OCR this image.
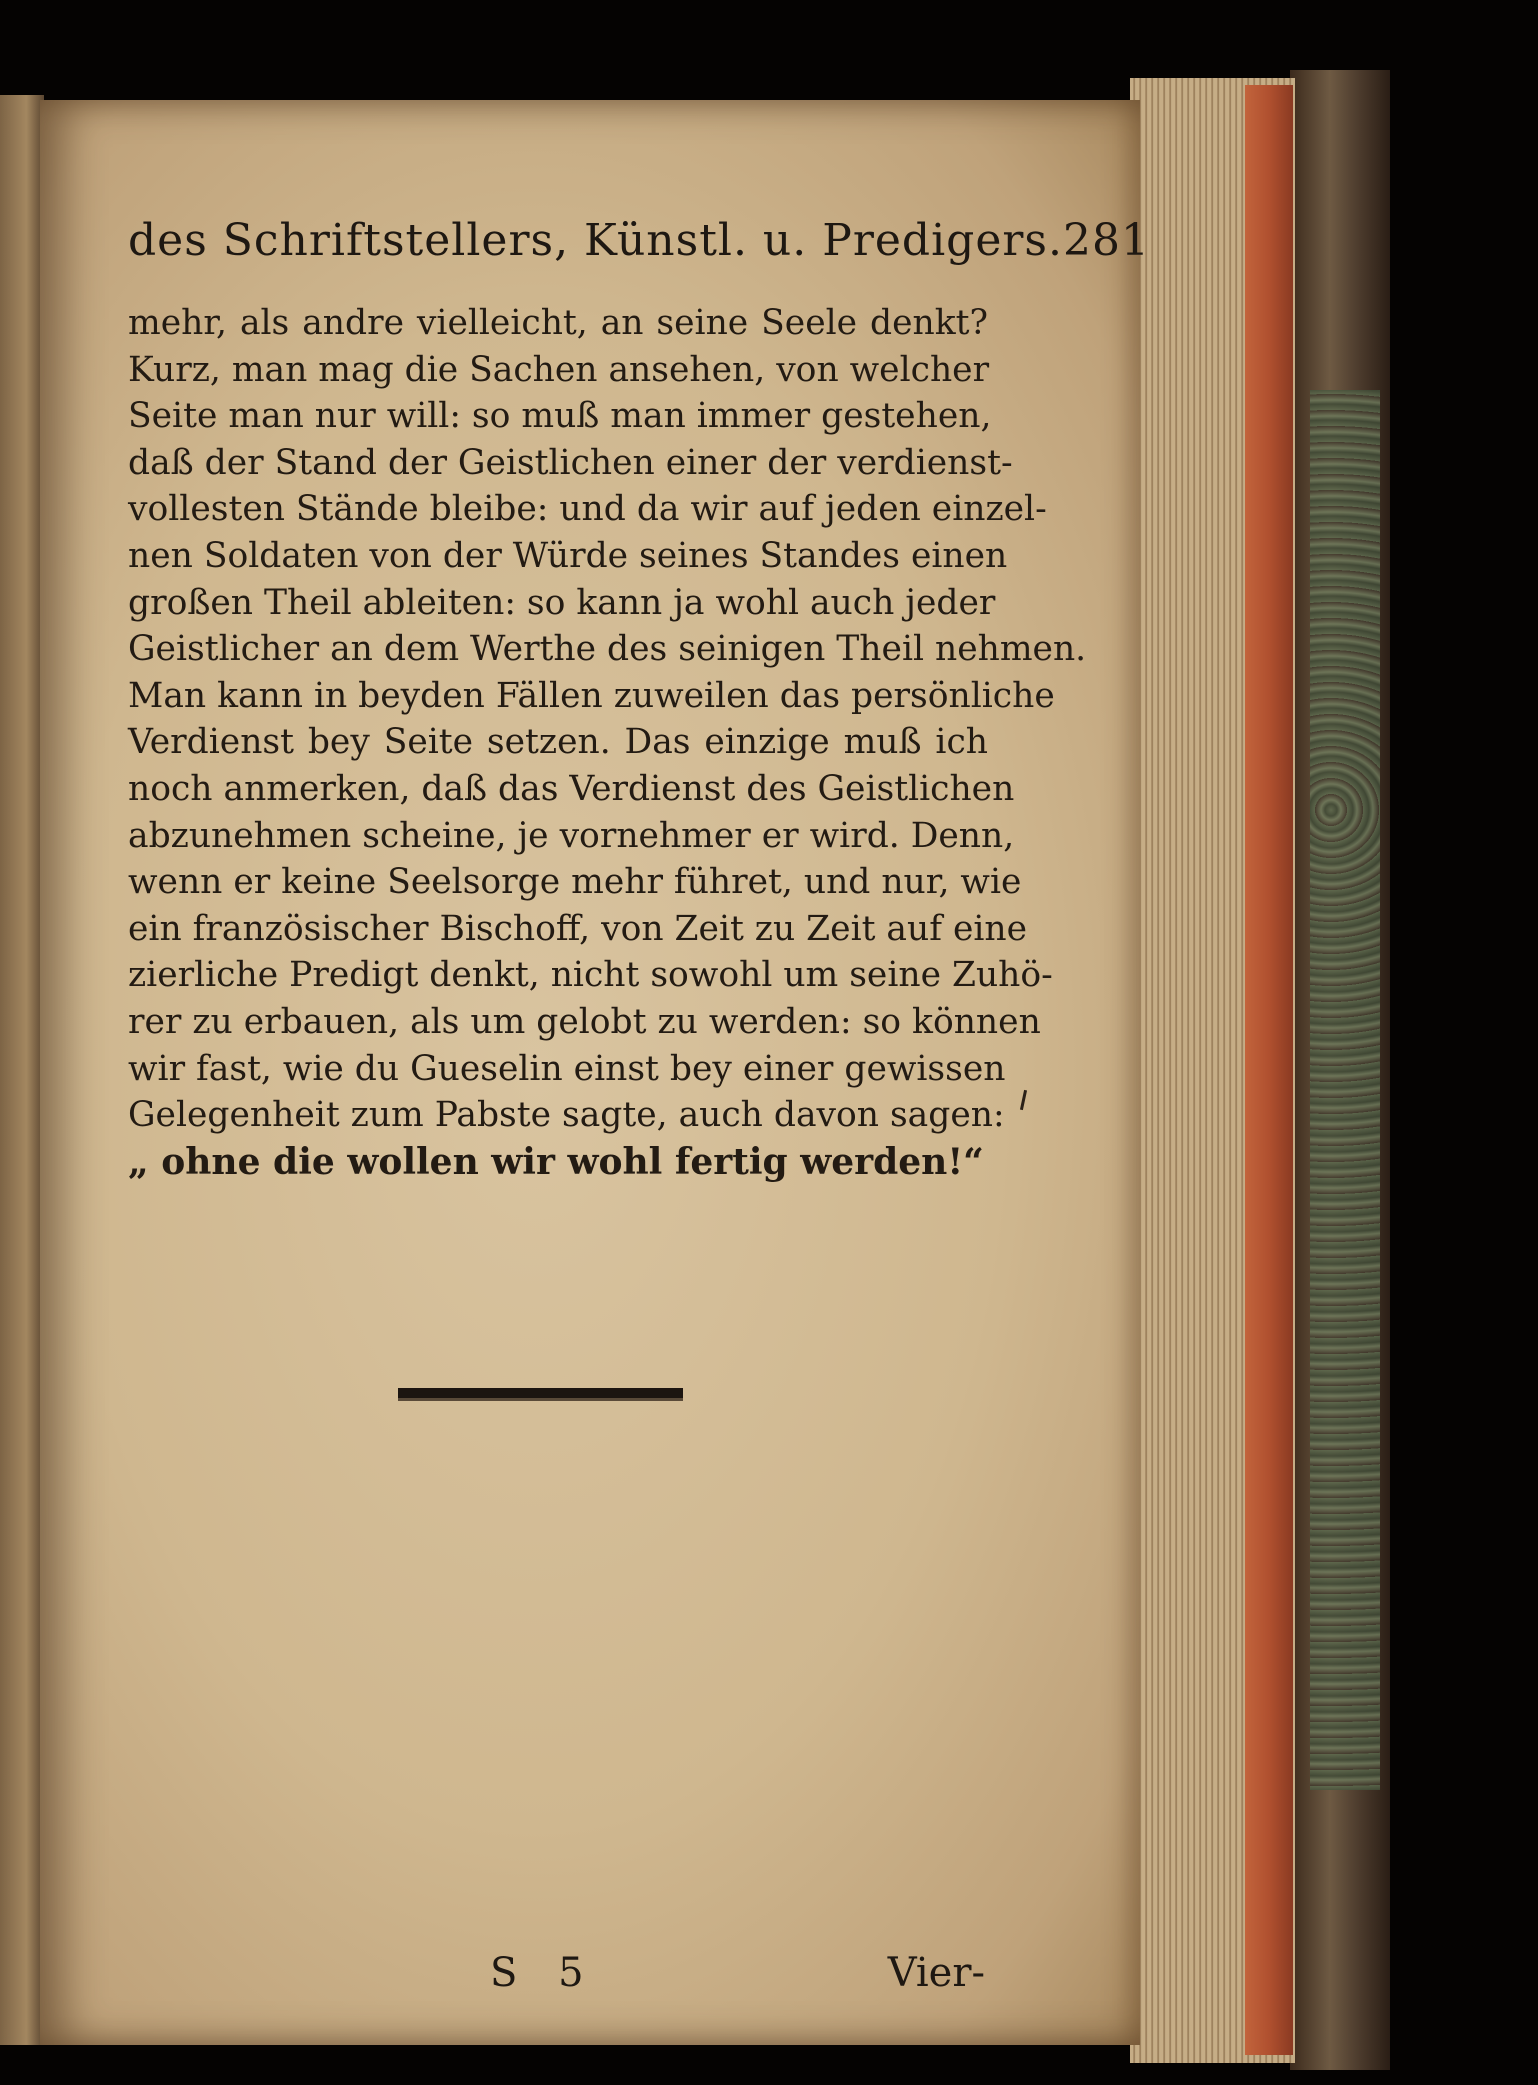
des Schriftstellers, Künstl. u. Predigers. 281
mehr, als andre vielleicht, an seine Seele denkt?
Kurz, man mag die Sachen ansehen, von welcher
Seite man nur will: so muß man immer gestehen,
daß der Stand der Geistlichen einer der verdienst-
vollesten Stände bleibe: und da wir auf jeden einzel-
nen Soldaten von der Würde seines Standes einen
großen Theil ableiten: so kann ja wohl auch jeder
Geistlicher an dem Werthe des seinigen Theil nehmen.
Man kann in beyden Fällen zuweilen das persönliche
Verdienst bey Seite setzen. Das einzige muß ich
noch anmerken, daß das Verdienst des Geistlichen
abzunehmen scheine, je vornehmer er wird. Denn,
wenn er keine Seelsorge mehr führet, und nur, wie
ein französischer Bischoff, von Zeit zu Zeit auf eine
zierliche Predigt denkt, nicht sowohl um seine Zuhö-
rer zu erbauen, als um gelobt zu werden: so können
wir fast, wie du Gueselin einst bey einer gewissen
Gelegenheit zum Pabste sagte, auch davon sagen:
„ ohne die wollen wir wohl fertig werden!“
S 5	Vier-
